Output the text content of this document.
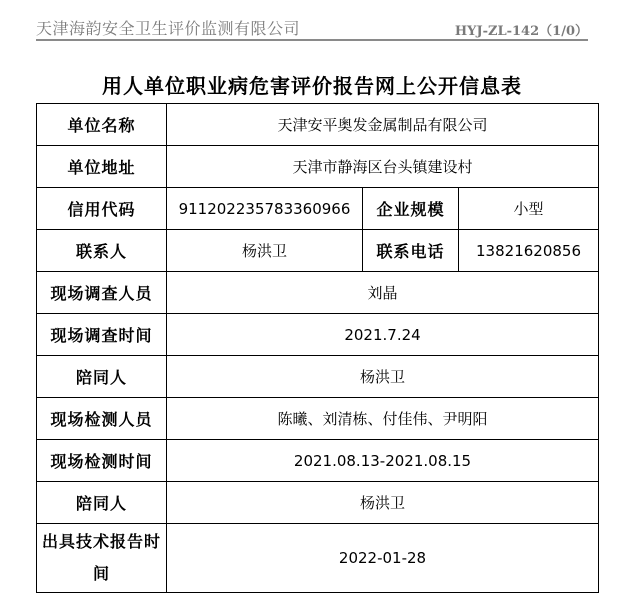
天津海韵安全卫生评价监测有限公司	HYJ-ZL-142（1/0）
用人单位职业病危害评价报告网上公开信息表
单位名称	天津安平奥发金属制品有限公司		
单位地址	天津市静海区台头镇建设村		
信用代码	911202235783360966	企业规模	小型
联系人	杨洪卫	联系电话	13821620856
现场调查人员	刘晶		
现场调查时间	2021.7.24		
陪同人	杨洪卫		
现场检测人员	陈曦、刘清栋、付佳伟、尹明阳		
现场检测时间	2021.08.13-2021.08.15		
陪同人	杨洪卫		
出具技术报告时间	2022-01-28		
